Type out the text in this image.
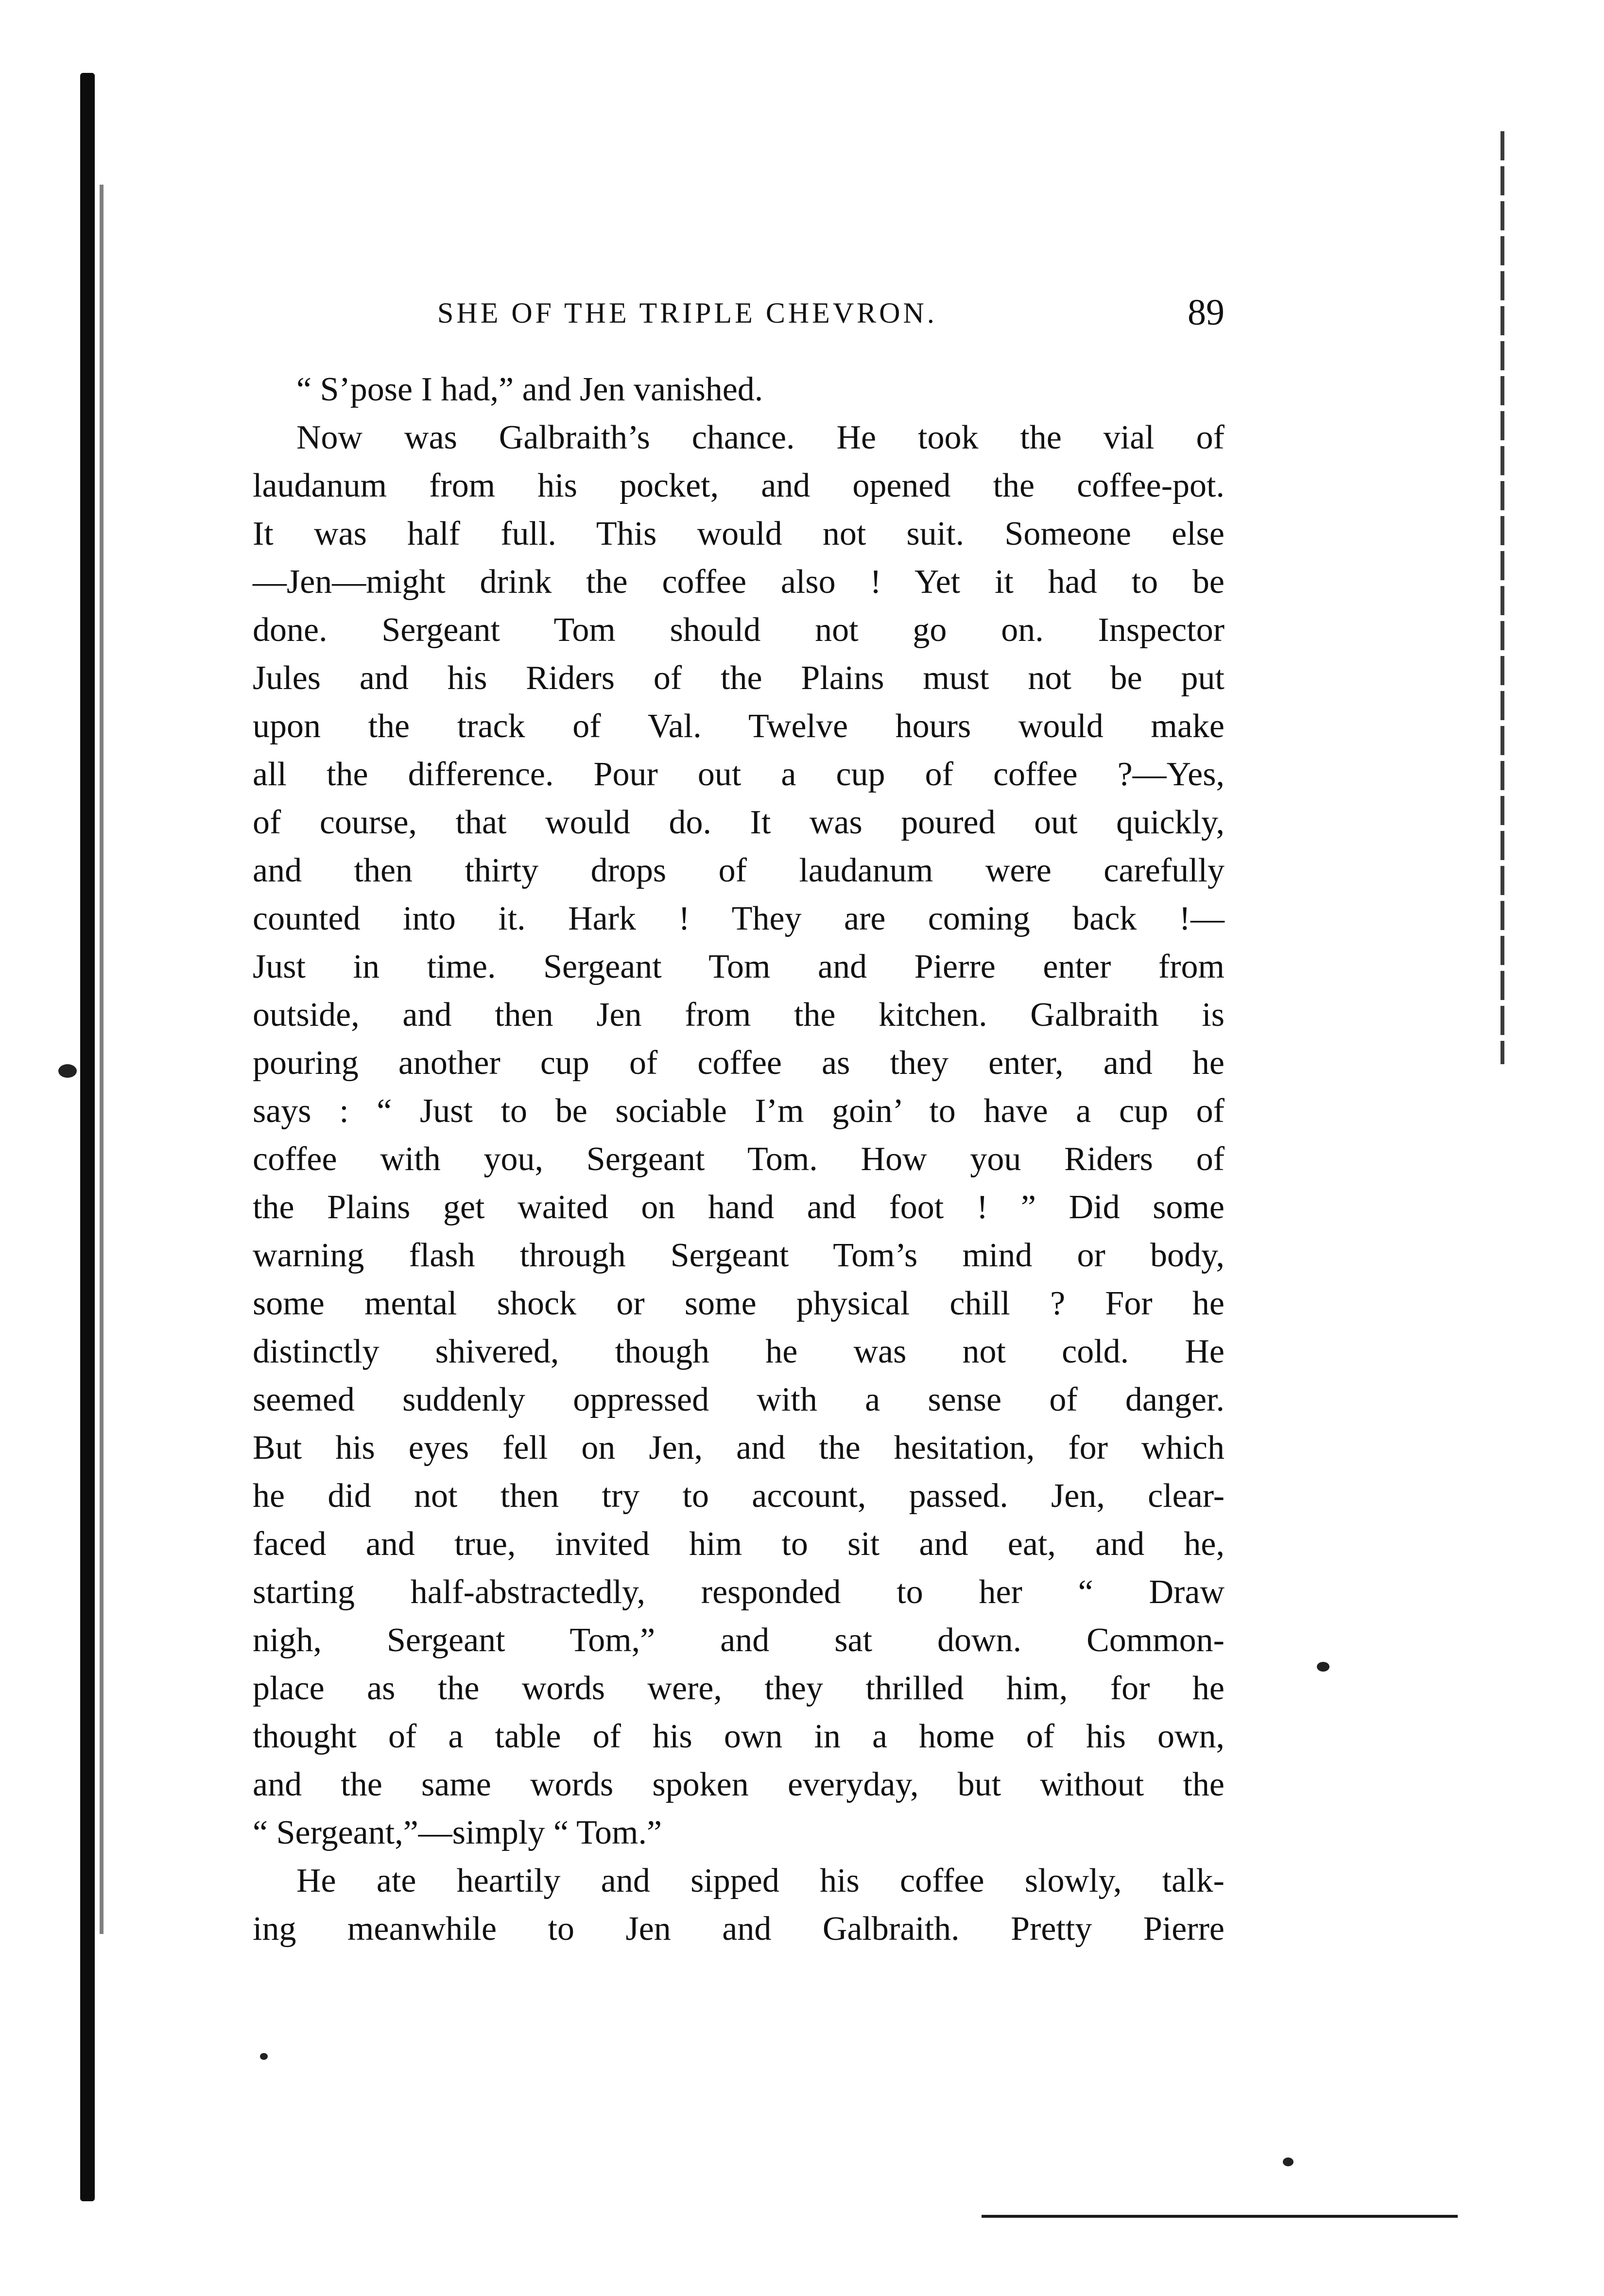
SHE OF THE TRIPLE CHEVRON.	89
“ S’pose I had,” and Jen vanished.
Now was Galbraith’s chance. He took the vial of
laudanum from his pocket, and opened the coffee-pot.
It was half full. This would not suit. Someone else
—Jen—might drink the coffee also ! Yet it had to be
done. Sergeant Tom should not go on. Inspector
Jules and his Riders of the Plains must not be put
upon the track of Val. Twelve hours would make
all the difference. Pour out a cup of coffee ?—Yes,
of course, that would do. It was poured out quickly,
and then thirty drops of laudanum were carefully
counted into it. Hark ! They are coming back !—
Just in time. Sergeant Tom and Pierre enter from
outside, and then Jen from the kitchen. Galbraith is
pouring another cup of coffee as they enter, and he
says : “ Just to be sociable I’m goin’ to have a cup of
coffee with you, Sergeant Tom. How you Riders of
the Plains get waited on hand and foot ! ” Did some
warning flash through Sergeant Tom’s mind or body,
some mental shock or some physical chill ? For he
distinctly shivered, though he was not cold. He
seemed suddenly oppressed with a sense of danger.
But his eyes fell on Jen, and the hesitation, for which
he did not then try to account, passed. Jen, clear-
faced and true, invited him to sit and eat, and he,
starting half-abstractedly, responded to her “ Draw
nigh, Sergeant Tom,” and sat down. Common-
place as the words were, they thrilled him, for he
thought of a table of his own in a home of his own,
and the same words spoken everyday, but without the
“ Sergeant,”—simply “ Tom.”
He ate heartily and sipped his coffee slowly, talk-
ing meanwhile to Jen and Galbraith. Pretty Pierre
